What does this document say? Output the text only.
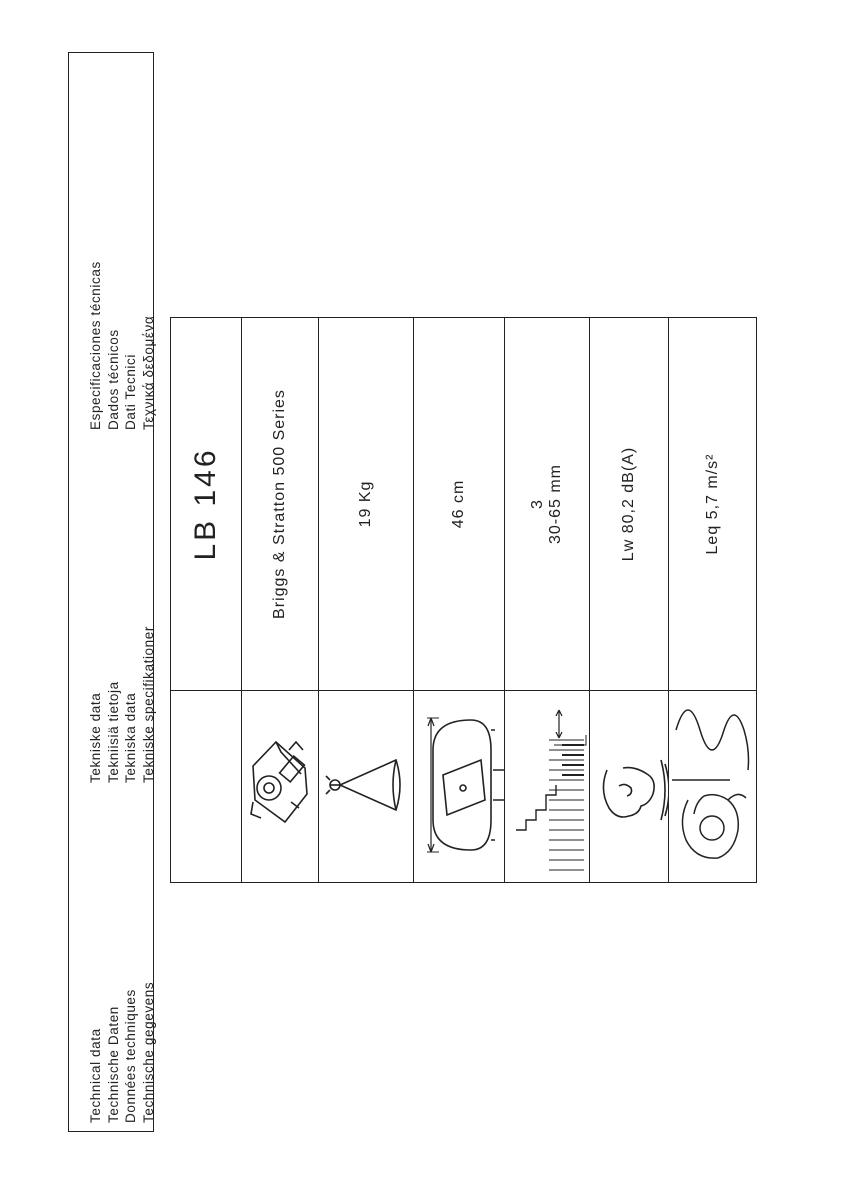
Technical data Technische Daten Données techniques Technische gegevens
Tekniske data Tekniisiä tietoja Tekniska data Tekniske specifikationer
Especificaciones técnicas Dados técnicos Dati Tecnici Τεχνικά δεδομένα
LB 146	Briggs & Stratton 500 Series	19 Kg	46 cm	3 30-65 mm	Lw 80,2 dB(A)	Leq 5,7 m/s²
